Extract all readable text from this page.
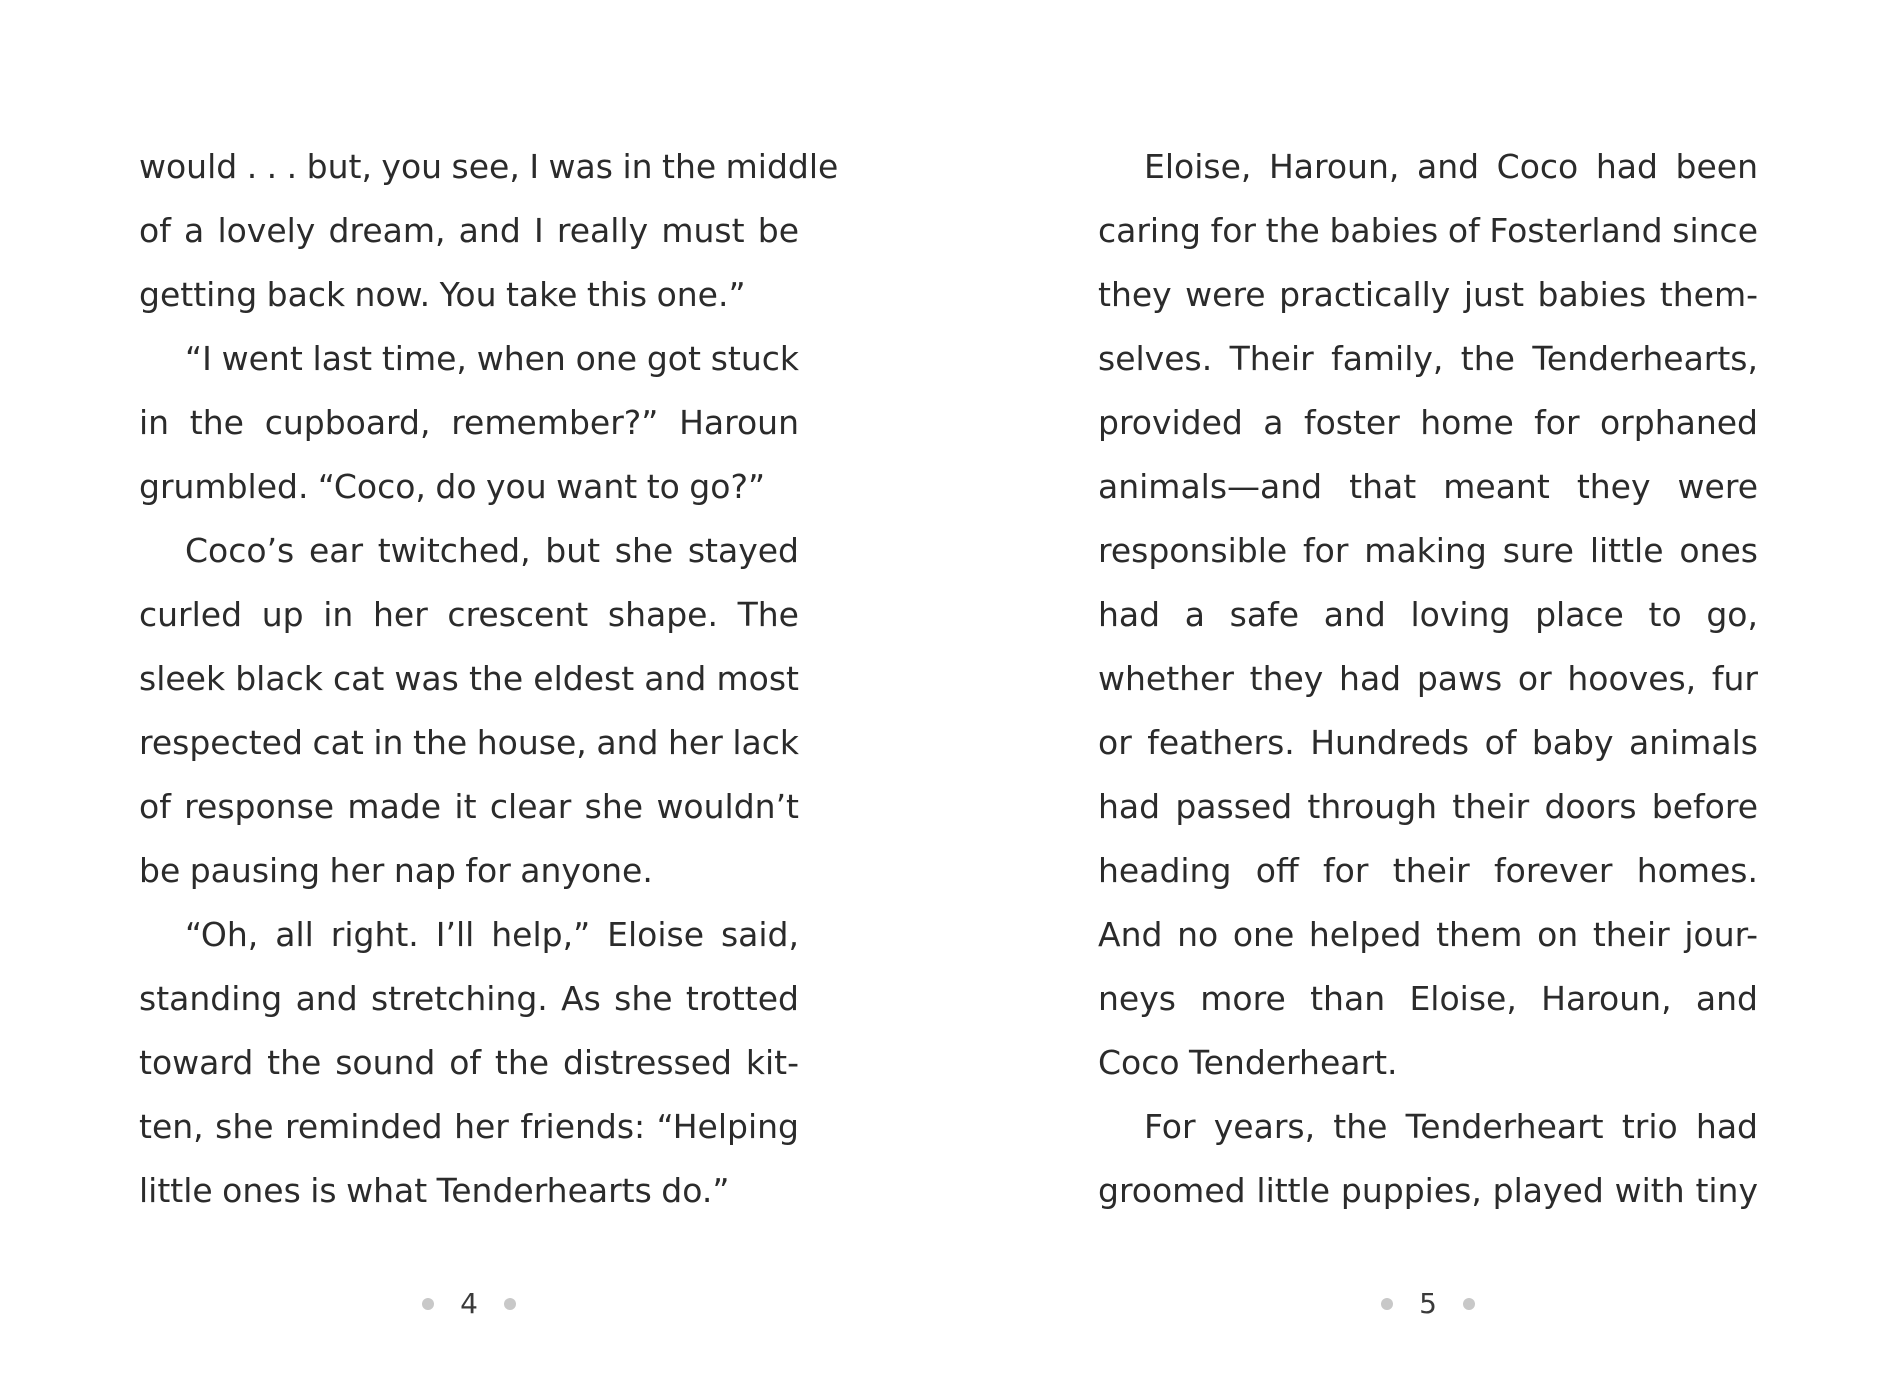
would . . . but, you see, I was in the middle
of a lovely dream, and I really must be
getting back now. You take this one.”
“I went last time, when one got stuck
in the cupboard, remember?” Haroun
grumbled. “Coco, do you want to go?”
Coco’s ear twitched, but she stayed
curled up in her crescent shape. The
sleek black cat was the eldest and most
respected cat in the house, and her lack
of response made it clear she wouldn’t
be pausing her nap for anyone.
“Oh, all right. I’ll help,” Eloise said,
standing and stretching. As she trotted
toward the sound of the distressed kit-
ten, she reminded her friends: “Helping
little ones is what Tenderhearts do.”
Eloise, Haroun, and Coco had been
caring for the babies of Fosterland since
they were practically just babies them-
selves. Their family, the Tenderhearts,
provided a foster home for orphaned
animals—and that meant they were
responsible for making sure little ones
had a safe and loving place to go,
whether they had paws or hooves, fur
or feathers. Hundreds of baby animals
had passed through their doors before
heading off for their forever homes.
And no one helped them on their jour-
neys more than Eloise, Haroun, and
Coco Tenderheart.
For years, the Tenderheart trio had
groomed little puppies, played with tiny
4	5
